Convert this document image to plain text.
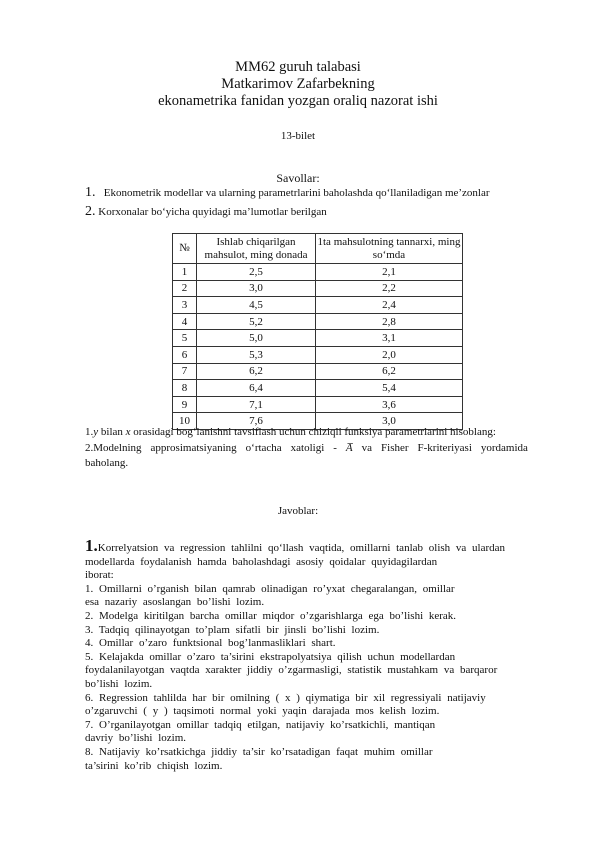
MM62 guruh talabasi
Matkarimov Zafarbekning
ekonametrika fanidan yozgan oraliq nazorat ishi
13-bilet
Savollar:
1. Ekonometrik modellar va ularning parametrlarini baholashda qo‘llaniladigan me’zonlar
2. Korxonalar bo‘yicha quyidagi ma’lumotlar berilgan
№	Ishlab chiqarilgan mahsulot, ming donada	1ta mahsulotning tannarxi, ming so‘mda
1	2,5	2,1
2	3,0	2,2
3	4,5	2,4
4	5,2	2,8
5	5,0	3,1
6	5,3	2,0
7	6,2	6,2
8	6,4	5,4
9	7,1	3,6
10	7,6	3,0
1.y bilan x orasidagi bog‘lanishni tavsiflash uchun chiziqli funksiya parametrlarini hisoblang:
2.Modelning approsimatsiyaning o‘rtacha xatoligi - A̅ va Fisher F-kriteriyasi yordamida
baholang.
Javoblar:
1.Korrelyatsion va regression tahlilni qo‘llash vaqtida, omillarni tanlab olish va ulardan
modellarda foydalanish hamda baholashdagi asosiy qoidalar quyidagilardan
iborat:
1. Omillarni o’rganish bilan qamrab olinadigan ro’yxat chegaralangan, omillar
esa nazariy asoslangan bo’lishi lozim.
2. Modelga kiritilgan barcha omillar miqdor o’zgarishlarga ega bo’lishi kerak.
3. Tadqiq qilinayotgan to’plam sifatli bir jinsli bo’lishi lozim.
4. Omillar o’zaro funktsional bog’lanmasliklari shart.
5. Kelajakda omillar o’zaro ta’sirini ekstrapolyatsiya qilish uchun modellardan
foydalanilayotgan vaqtda xarakter jiddiy o’zgarmasligi, statistik mustahkam va barqaror
bo’lishi lozim.
6. Regression tahlilda har bir omilning ( x ) qiymatiga bir xil regressiyali natijaviy
o’zgaruvchi ( y ) taqsimoti normal yoki yaqin darajada mos kelish lozim.
7. O’rganilayotgan omillar tadqiq etilgan, natijaviy ko’rsatkichli, mantiqan
davriy bo’lishi lozim.
8. Natijaviy ko’rsatkichga jiddiy ta’sir ko’rsatadigan faqat muhim omillar
ta’sirini ko’rib chiqish lozim.
